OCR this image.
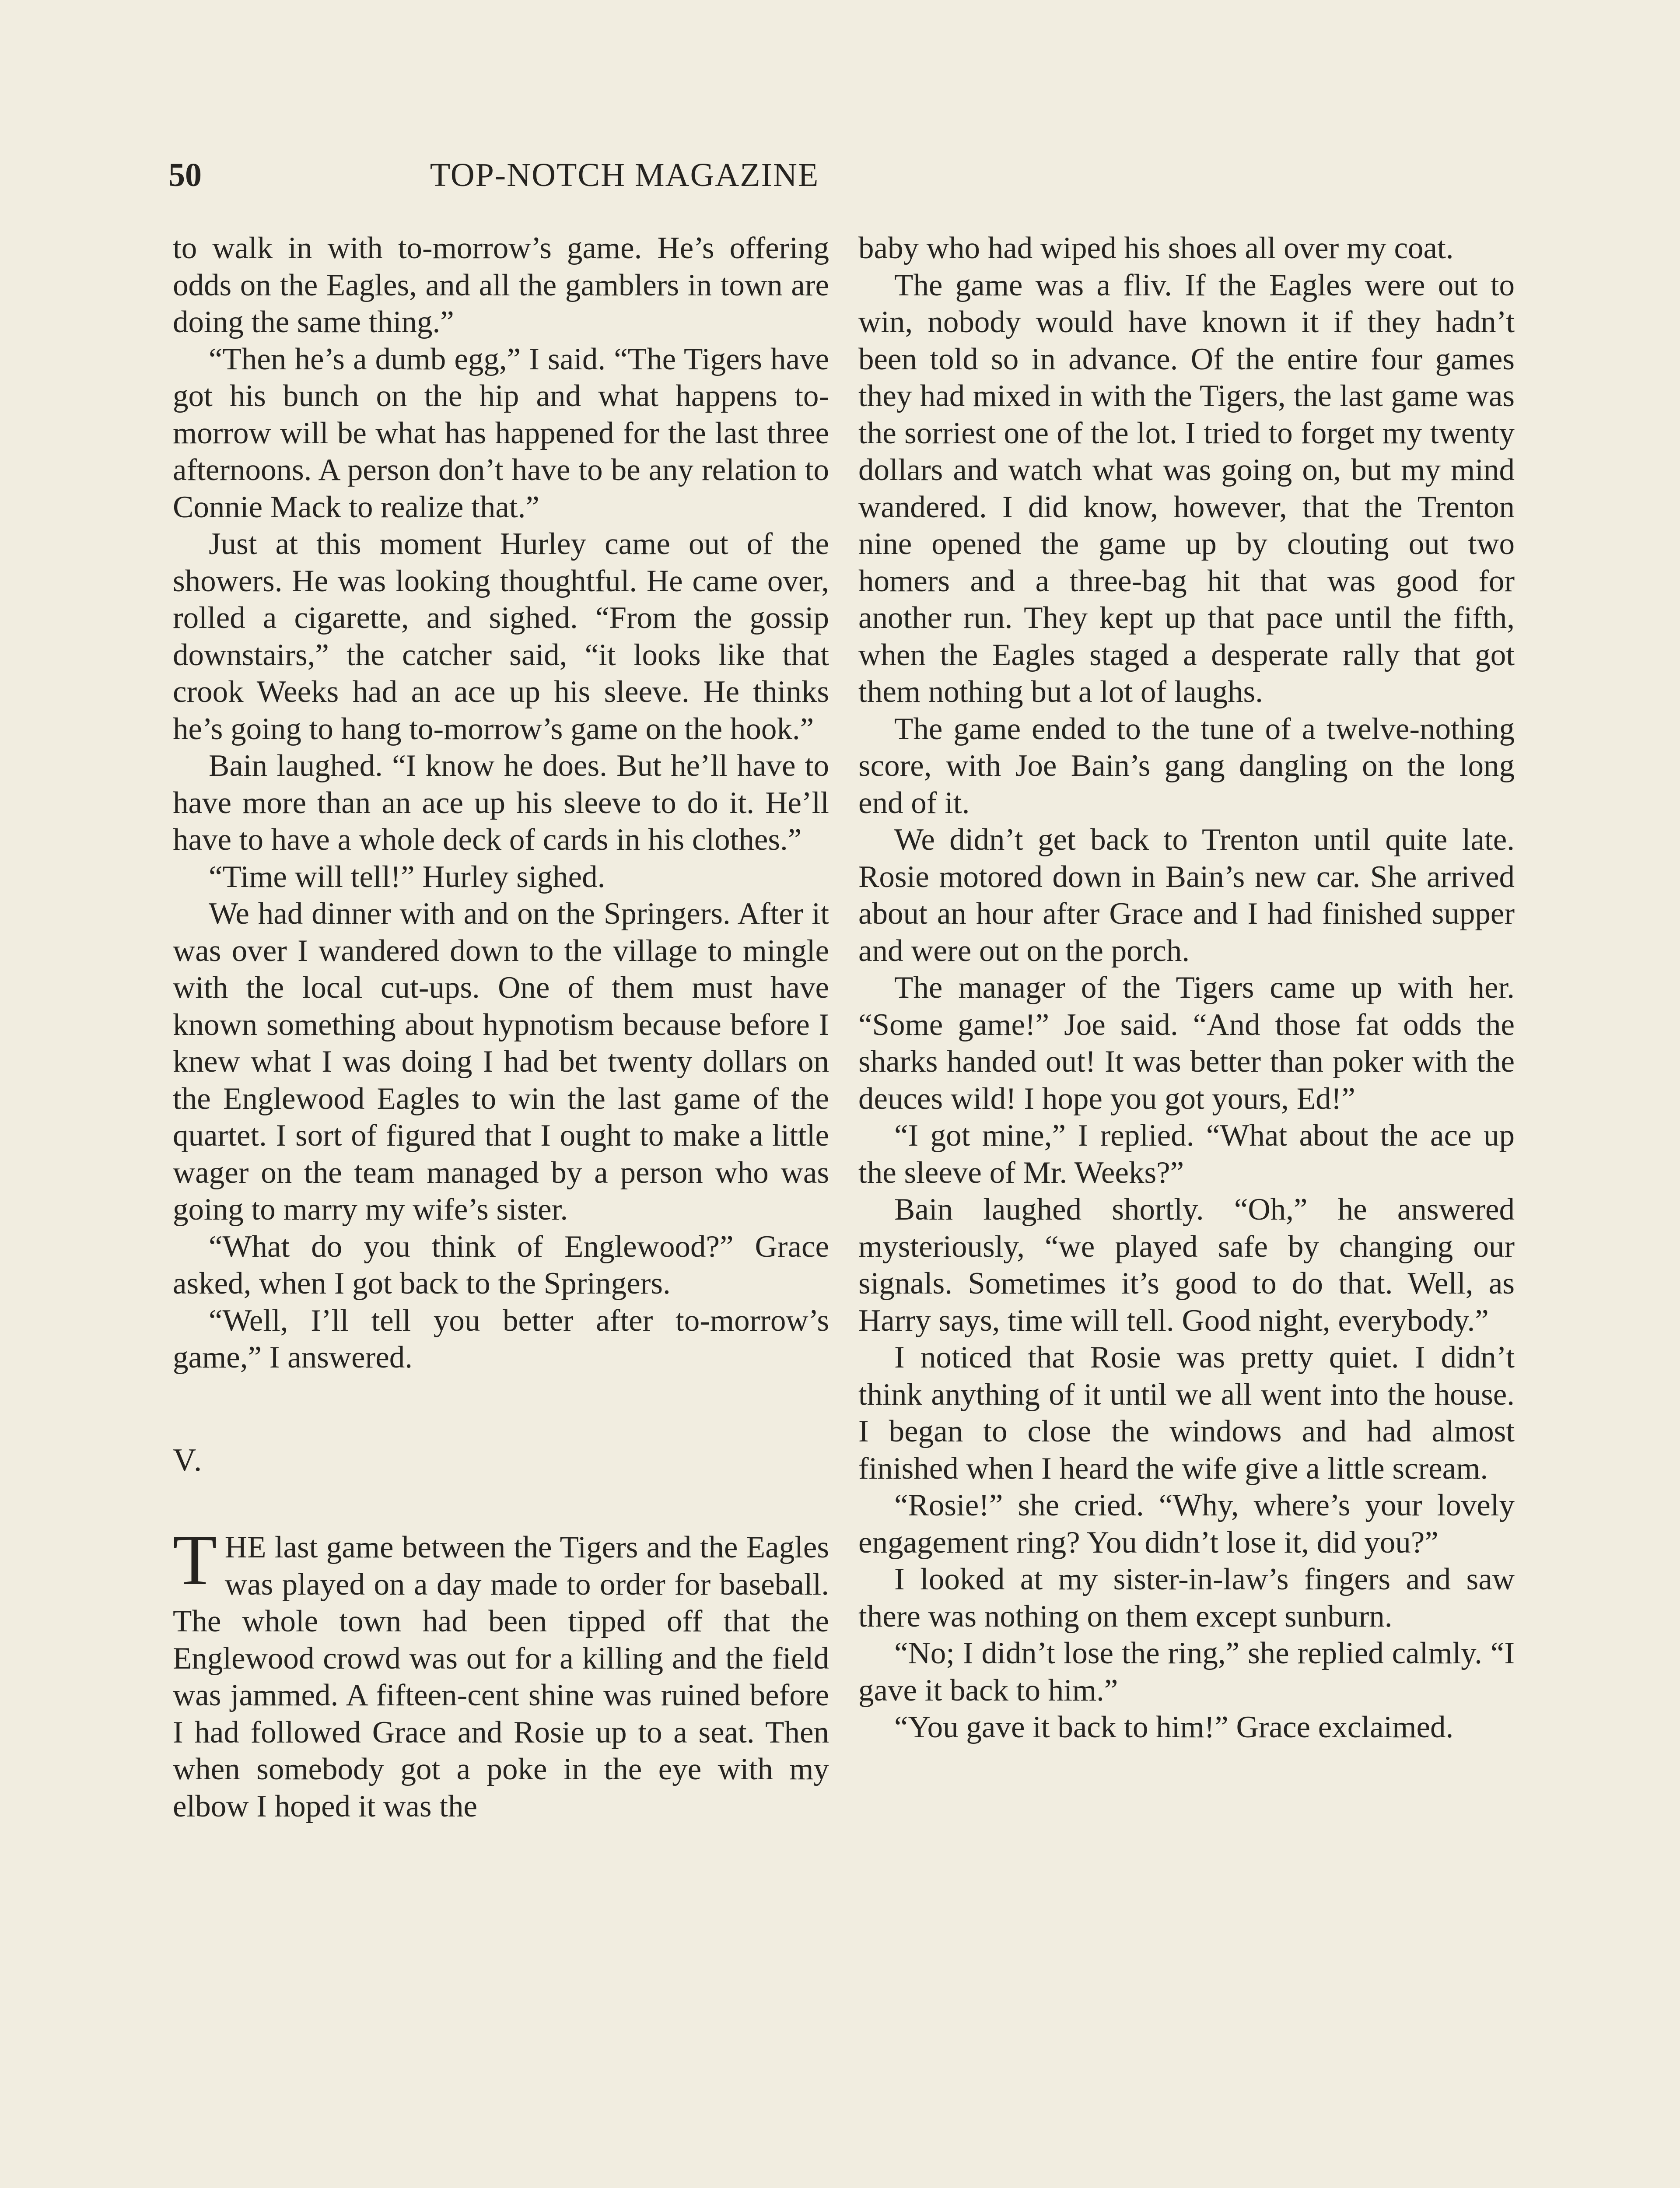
50	TOP-NOTCH MAGAZINE

to walk in with to-morrow’s game. He’s offering odds on the Eagles, and all the gamblers in town are doing the same thing.”

“Then he’s a dumb egg,” I said. “The Tigers have got his bunch on the hip and what happens to-morrow will be what has happened for the last three afternoons. A person don’t have to be any relation to Connie Mack to realize that.”

Just at this moment Hurley came out of the showers. He was looking thoughtful. He came over, rolled a cigarette, and sighed. “From the gossip downstairs,” the catcher said, “it looks like that crook Weeks had an ace up his sleeve. He thinks he’s going to hang to-morrow’s game on the hook.”

Bain laughed. “I know he does. But he’ll have to have more than an ace up his sleeve to do it. He’ll have to have a whole deck of cards in his clothes.”

“Time will tell!” Hurley sighed.

We had dinner with and on the Springers. After it was over I wandered down to the village to mingle with the local cut-ups. One of them must have known something about hypnotism because before I knew what I was doing I had bet twenty dollars on the Englewood Eagles to win the last game of the quartet. I sort of figured that I ought to make a little wager on the team managed by a person who was going to marry my wife’s sister.

“What do you think of Englewood?” Grace asked, when I got back to the Springers.

“Well, I’ll tell you better after to-morrow’s game,” I answered.

V.

THE last game between the Tigers and the Eagles was played on a day made to order for baseball. The whole town had been tipped off that the Englewood crowd was out for a killing and the field was jammed. A fifteen-cent shine was ruined before I had followed Grace and Rosie up to a seat. Then when somebody got a poke in the eye with my elbow I hoped it was the

baby who had wiped his shoes all over my coat.

The game was a fliv. If the Eagles were out to win, nobody would have known it if they hadn’t been told so in advance. Of the entire four games they had mixed in with the Tigers, the last game was the sorriest one of the lot. I tried to forget my twenty dollars and watch what was going on, but my mind wandered. I did know, however, that the Trenton nine opened the game up by clouting out two homers and a three-bag hit that was good for another run. They kept up that pace until the fifth, when the Eagles staged a desperate rally that got them nothing but a lot of laughs.

The game ended to the tune of a twelve-nothing score, with Joe Bain’s gang dangling on the long end of it.

We didn’t get back to Trenton until quite late. Rosie motored down in Bain’s new car. She arrived about an hour after Grace and I had finished supper and were out on the porch.

The manager of the Tigers came up with her. “Some game!” Joe said. “And those fat odds the sharks handed out! It was better than poker with the deuces wild! I hope you got yours, Ed!”

“I got mine,” I replied. “What about the ace up the sleeve of Mr. Weeks?”

Bain laughed shortly. “Oh,” he answered mysteriously, “we played safe by changing our signals. Sometimes it’s good to do that. Well, as Harry says, time will tell. Good night, everybody.”

I noticed that Rosie was pretty quiet. I didn’t think anything of it until we all went into the house. I began to close the windows and had almost finished when I heard the wife give a little scream.

“Rosie!” she cried. “Why, where’s your lovely engagement ring? You didn’t lose it, did you?”

I looked at my sister-in-law’s fingers and saw there was nothing on them except sunburn.

“No; I didn’t lose the ring,” she replied calmly. “I gave it back to him.”

“You gave it back to him!” Grace exclaimed.
